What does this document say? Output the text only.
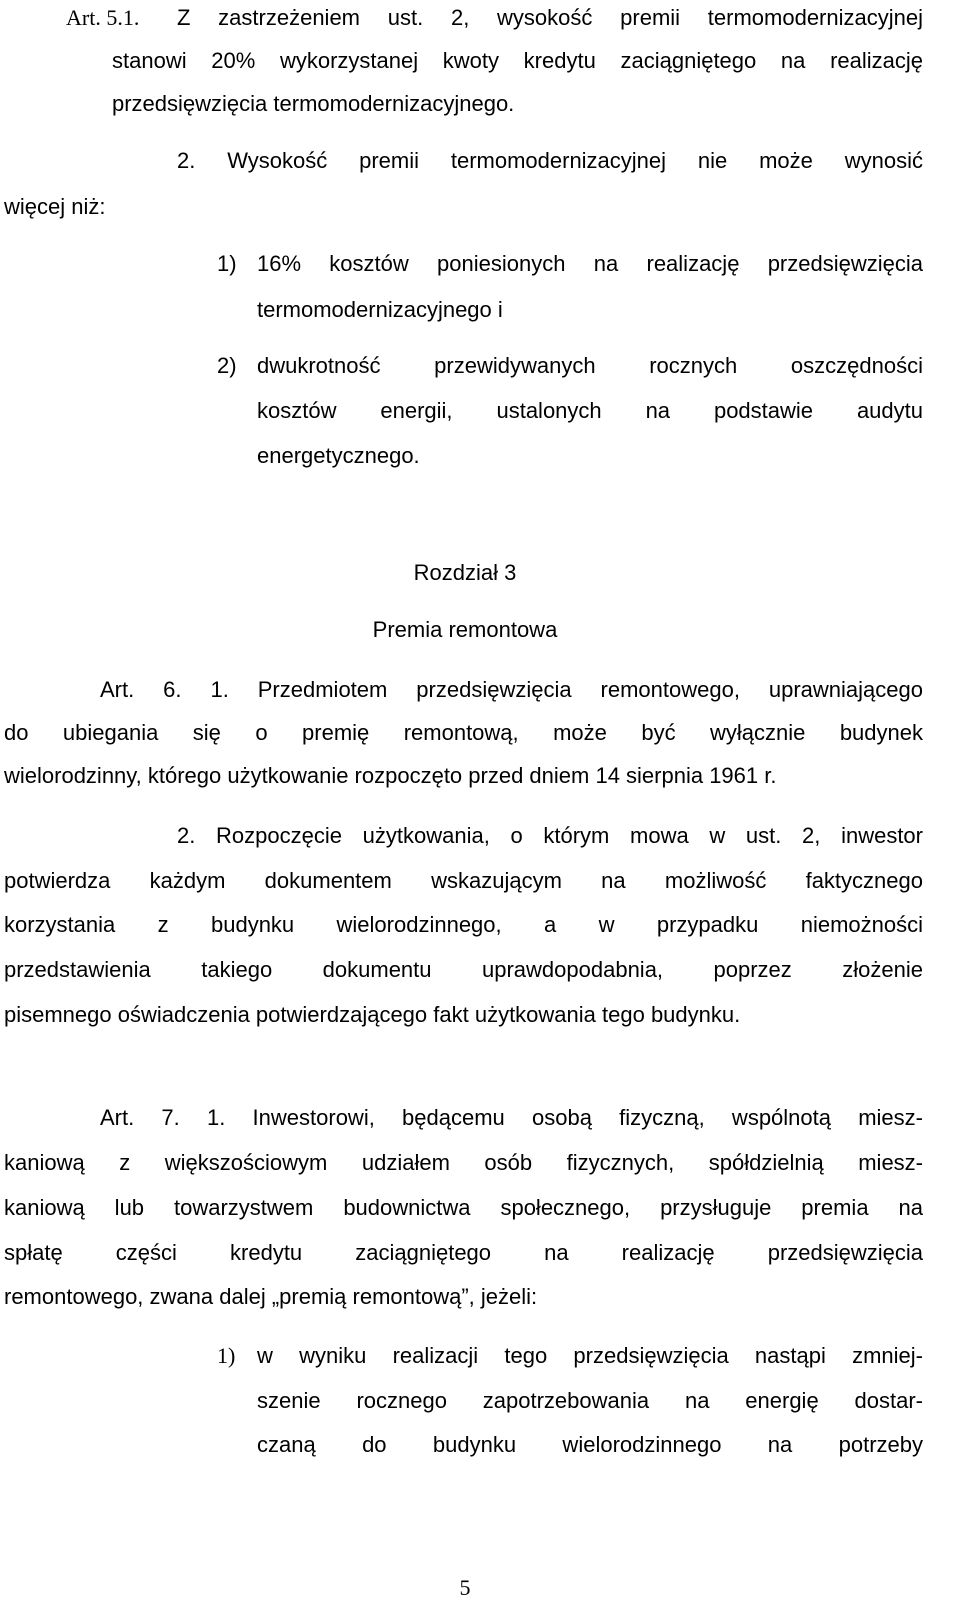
Art. 5.1. Z zastrzeżeniem ust. 2, wysokość premii termomodernizacyjnej
stanowi 20% wykorzystanej kwoty kredytu zaciągniętego na realizację
przedsięwzięcia termomodernizacyjnego.
2. Wysokość premii termomodernizacyjnej nie może wynosić
więcej niż:
1) 16% kosztów poniesionych na realizację przedsięwzięcia
termomodernizacyjnego i
2) dwukrotność przewidywanych rocznych oszczędności
kosztów energii, ustalonych na podstawie audytu
energetycznego.
Rozdział 3
Premia remontowa
Art. 6. 1. Przedmiotem przedsięwzięcia remontowego, uprawniającego
do ubiegania się o premię remontową, może być wyłącznie budynek
wielorodzinny, którego użytkowanie rozpoczęto przed dniem 14 sierpnia 1961 r.
2. Rozpoczęcie użytkowania, o którym mowa w ust. 2, inwestor
potwierdza każdym dokumentem wskazującym na możliwość faktycznego
korzystania z budynku wielorodzinnego, a w przypadku niemożności
przedstawienia takiego dokumentu uprawdopodabnia, poprzez złożenie
pisemnego oświadczenia potwierdzającego fakt użytkowania tego budynku.
Art. 7. 1. Inwestorowi, będącemu osobą fizyczną, wspólnotą miesz-
kaniową z większościowym udziałem osób fizycznych, spółdzielnią miesz-
kaniową lub towarzystwem budownictwa społecznego, przysługuje premia na
spłatę części kredytu zaciągniętego na realizację przedsięwzięcia
remontowego, zwana dalej „premią remontową”, jeżeli:
1) w wyniku realizacji tego przedsięwzięcia nastąpi zmniej-
szenie rocznego zapotrzebowania na energię dostar-
czaną do budynku wielorodzinnego na potrzeby
5
